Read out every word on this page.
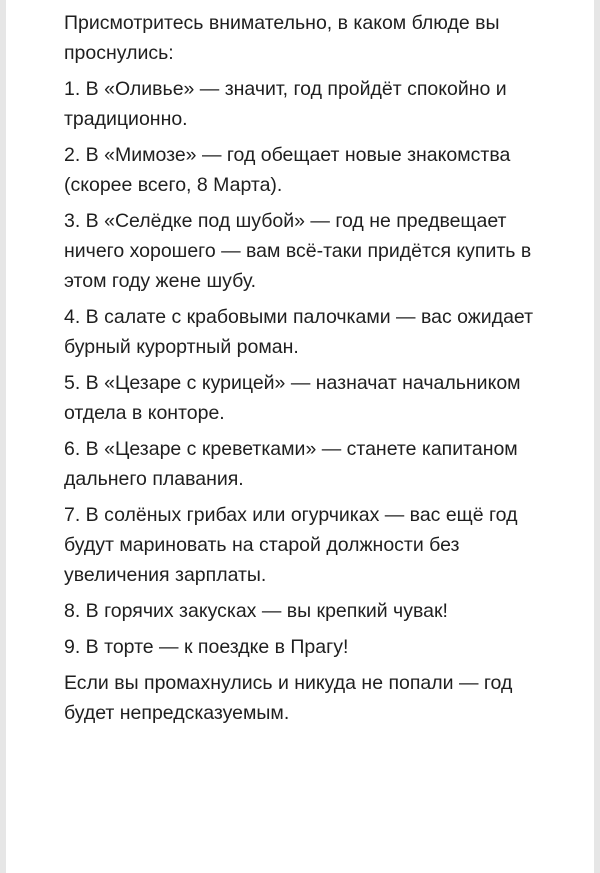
Присмотритесь внимательно, в каком блюде вы проснулись:

1. В «Оливье» — значит, год пройдёт спокойно и традиционно.

2. В «Мимозе» — год обещает новые знакомства (скорее всего, 8 Марта).

3. В «Селёдке под шубой» — год не предвещает ничего хорошего — вам всё-таки придётся купить в этом году жене шубу.

4. В салате с крабовыми палочками — вас ожидает бурный курортный роман.

5. В «Цезаре с курицей» — назначат начальником отдела в конторе.

6. В «Цезаре с креветками» — станете капитаном дальнего плавания.

7. В солёных грибах или огурчиках — вас ещё год будут мариновать на старой должности без увеличения зарплаты.

8. В горячих закусках — вы крепкий чувак!

9. В торте — к поездке в Прагу!

Если вы промахнулись и никуда не попали — год будет непредсказуемым.
